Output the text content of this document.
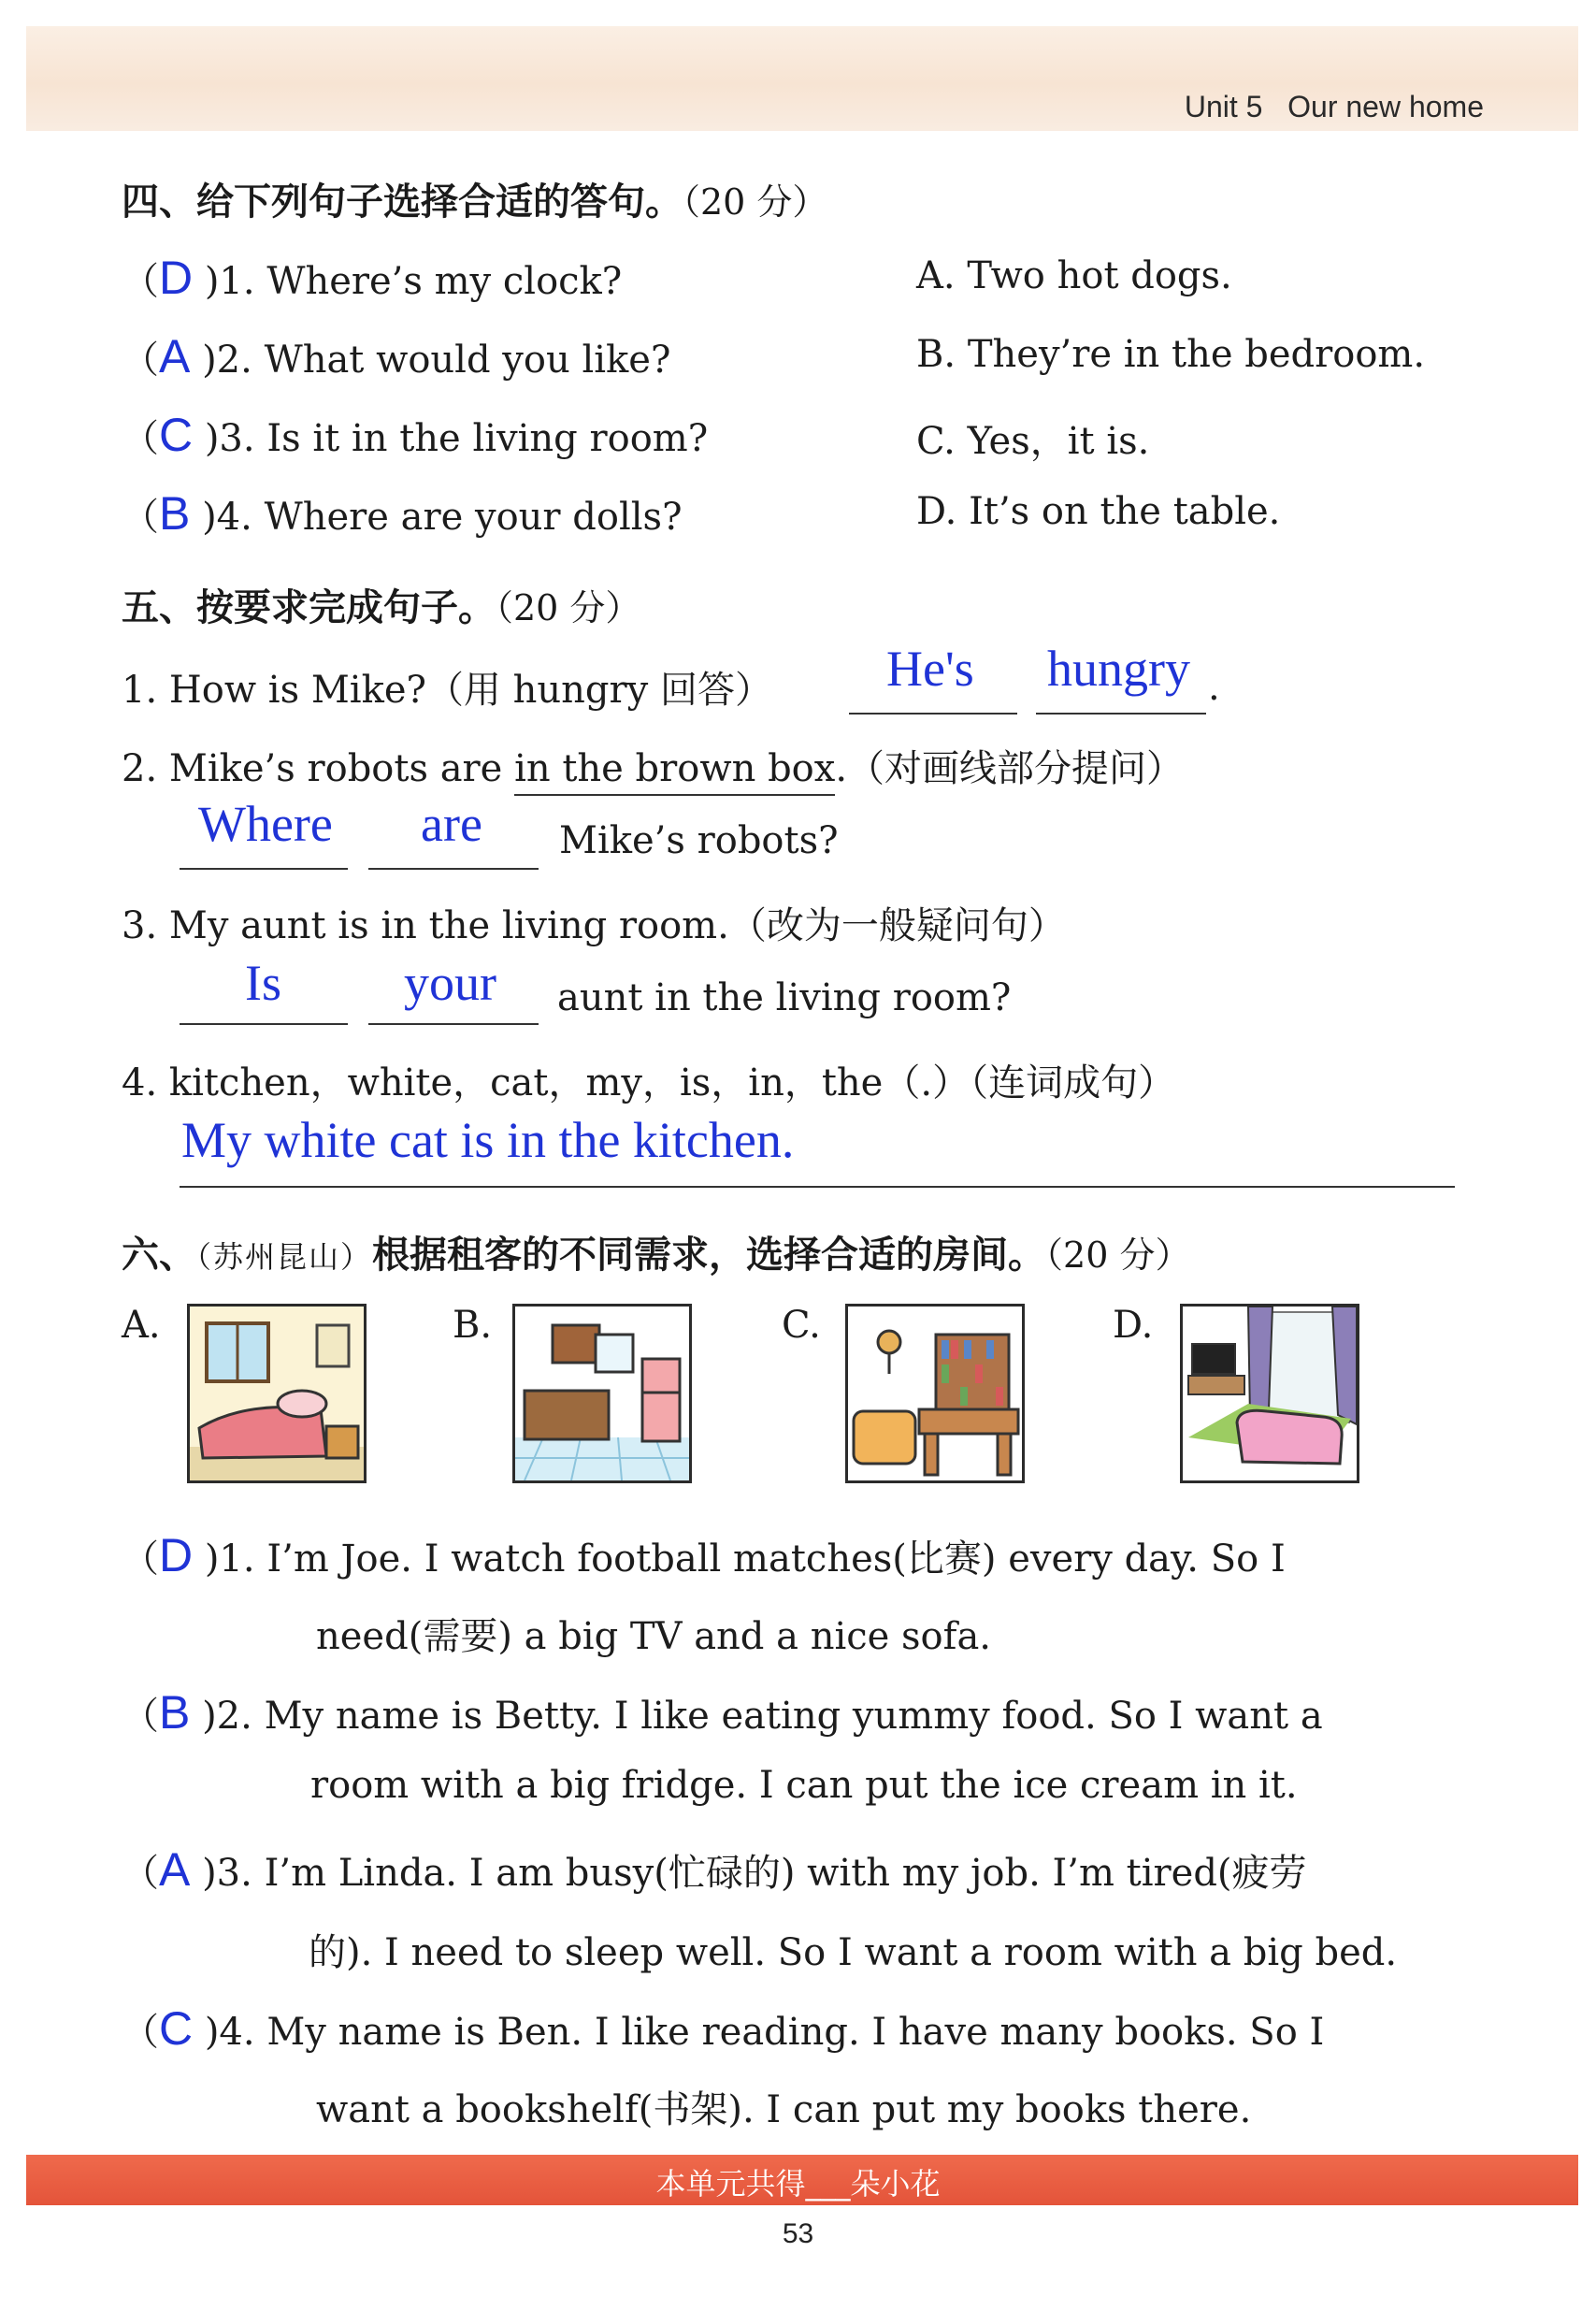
Unit 5 Our new home
四、给下列句子选择合适的答句。（20 分）
（D )1. Where’s my clock?	A. Two hot dogs.
（A )2. What would you like?	B. They’re in the bedroom.
（C )3. Is it in the living room?	C. Yes，it is.
（B )4. Where are your dolls?	D. It’s on the table.
五、按要求完成句子。（20 分）
1. How is Mike?（用 hungry 回答） He's hungry .
2. Mike’s robots are in the brown box.（对画线部分提问）
Where are Mike’s robots?
3. My aunt is in the living room.（改为一般疑问句）
Is your aunt in the living room?
4. kitchen，white，cat，my，is，in，the（.）（连词成句）
My white cat is in the kitchen.
六、（苏州昆山）根据租客的不同需求，选择合适的房间。（20 分）
A.	B.	C.	D.
（D )1. I’m Joe. I watch football matches(比赛) every day. So I
need(需要) a big TV and a nice sofa.
（B )2. My name is Betty. I like eating yummy food. So I want a
room with a big fridge. I can put the ice cream in it.
（A )3. I’m Linda. I am busy(忙碌的) with my job. I’m tired(疲劳
的). I need to sleep well. So I want a room with a big bed.
（C )4. My name is Ben. I like reading. I have many books. So I
want a bookshelf(书架). I can put my books there.
本单元共得___朵小花
53
